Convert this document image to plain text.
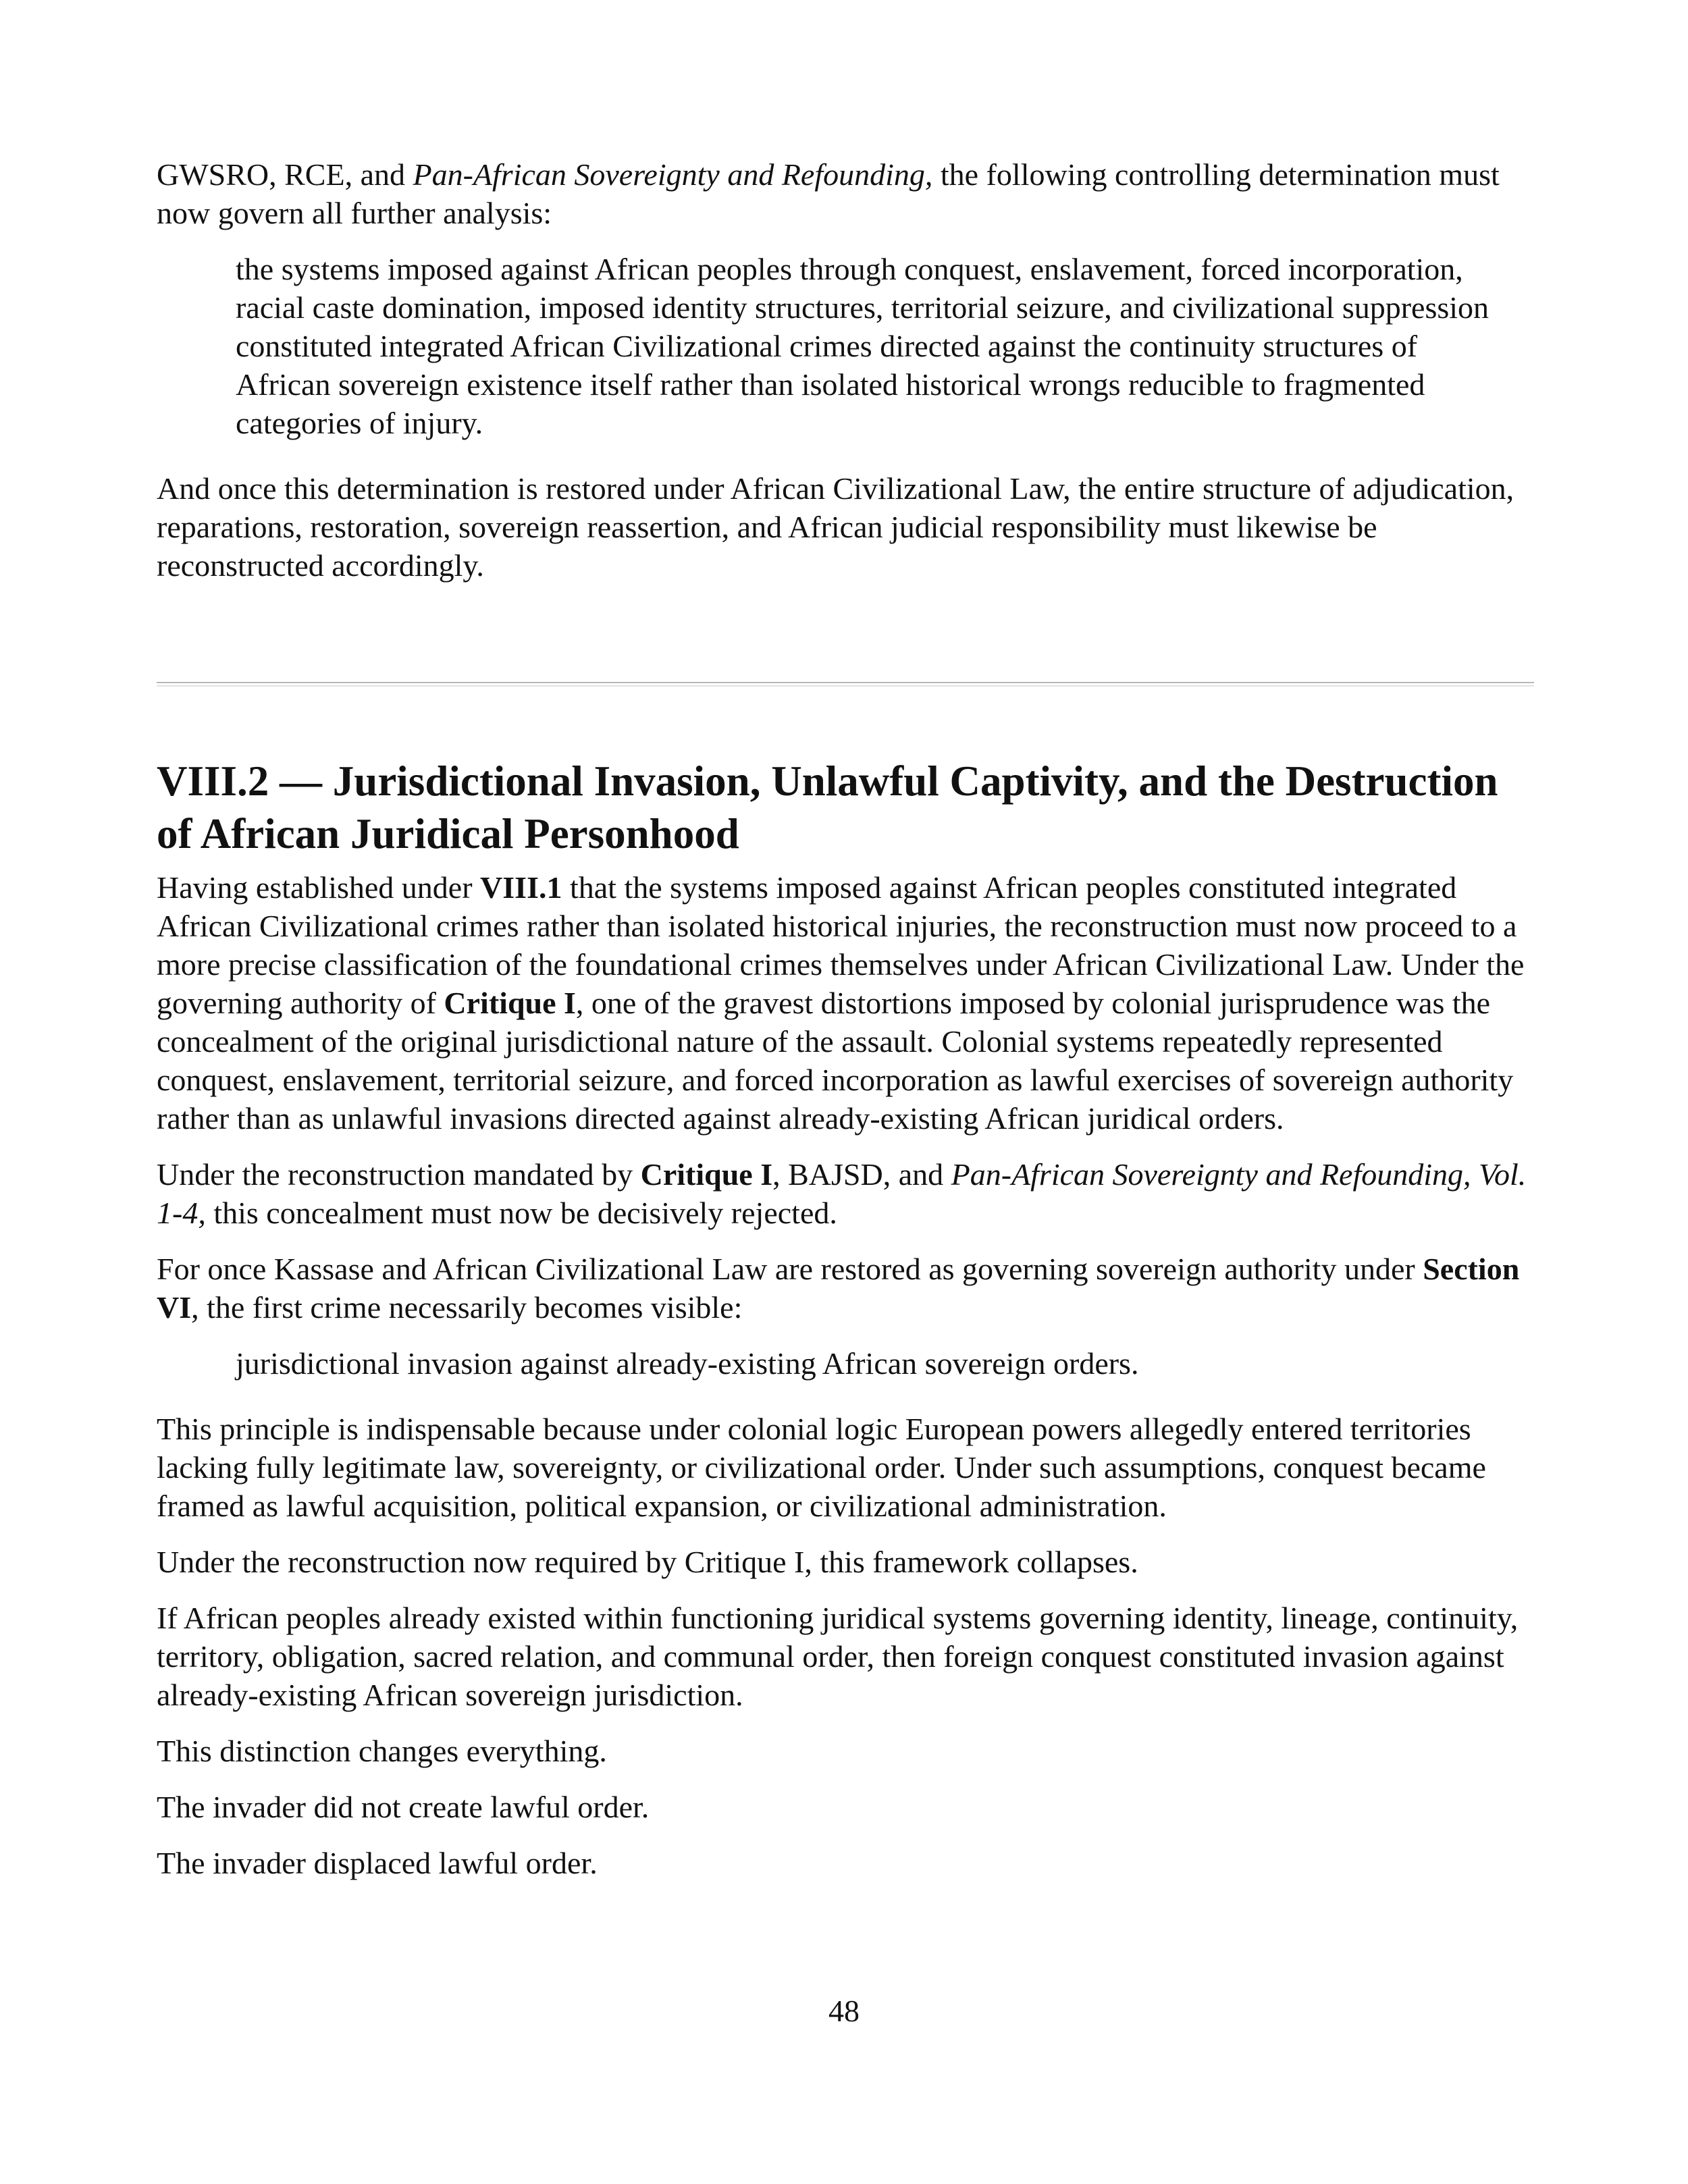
GWSRO, RCE, and Pan-African Sovereignty and Refounding, the following controlling determination must now govern all further analysis:

the systems imposed against African peoples through conquest, enslavement, forced incorporation, racial caste domination, imposed identity structures, territorial seizure, and civilizational suppression constituted integrated African Civilizational crimes directed against the continuity structures of African sovereign existence itself rather than isolated historical wrongs reducible to fragmented categories of injury.

And once this determination is restored under African Civilizational Law, the entire structure of adjudication, reparations, restoration, sovereign reassertion, and African judicial responsibility must likewise be reconstructed accordingly.

VIII.2 — Jurisdictional Invasion, Unlawful Captivity, and the Destruction of African Juridical Personhood

Having established under VIII.1 that the systems imposed against African peoples constituted integrated African Civilizational crimes rather than isolated historical injuries, the reconstruction must now proceed to a more precise classification of the foundational crimes themselves under African Civilizational Law. Under the governing authority of Critique I, one of the gravest distortions imposed by colonial jurisprudence was the concealment of the original jurisdictional nature of the assault. Colonial systems repeatedly represented conquest, enslavement, territorial seizure, and forced incorporation as lawful exercises of sovereign authority rather than as unlawful invasions directed against already-existing African juridical orders.

Under the reconstruction mandated by Critique I, BAJSD, and Pan-African Sovereignty and Refounding, Vol. 1-4, this concealment must now be decisively rejected.

For once Kassase and African Civilizational Law are restored as governing sovereign authority under Section VI, the first crime necessarily becomes visible:

jurisdictional invasion against already-existing African sovereign orders.

This principle is indispensable because under colonial logic European powers allegedly entered territories lacking fully legitimate law, sovereignty, or civilizational order. Under such assumptions, conquest became framed as lawful acquisition, political expansion, or civilizational administration.

Under the reconstruction now required by Critique I, this framework collapses.

If African peoples already existed within functioning juridical systems governing identity, lineage, continuity, territory, obligation, sacred relation, and communal order, then foreign conquest constituted invasion against already-existing African sovereign jurisdiction.

This distinction changes everything.

The invader did not create lawful order.

The invader displaced lawful order.

48
